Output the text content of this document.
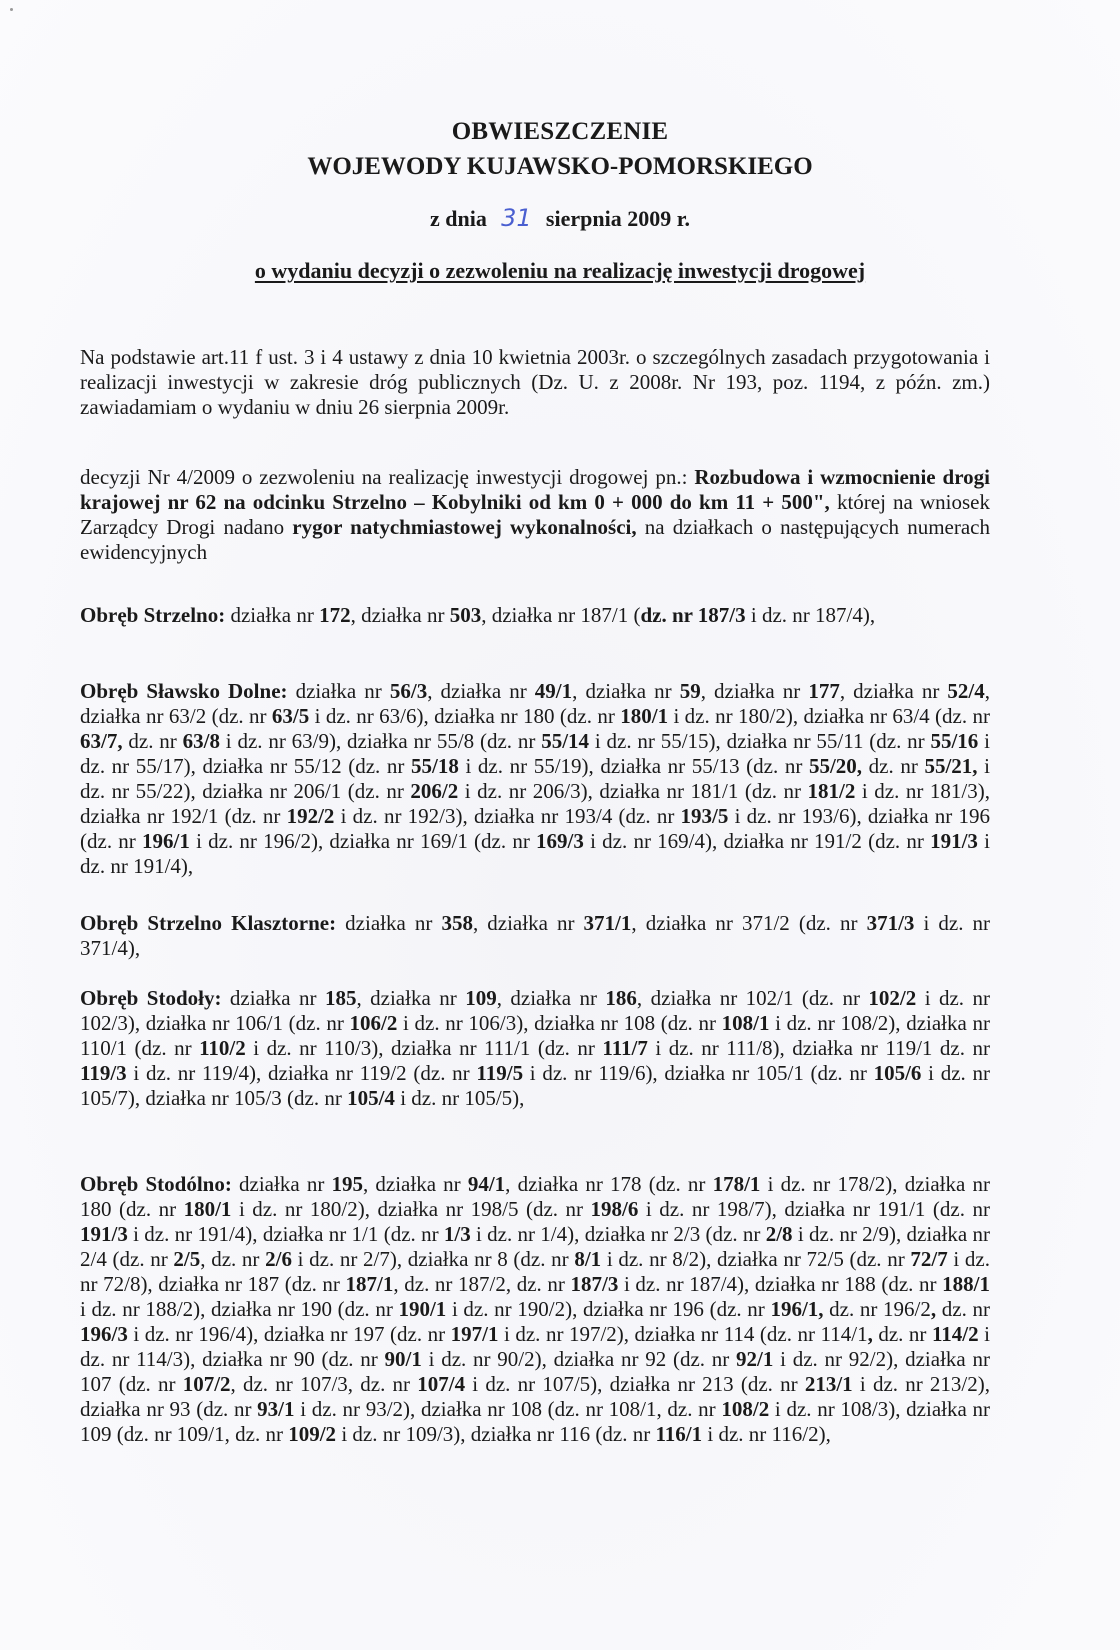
OBWIESZCZENIE
WOJEWODY KUJAWSKO-POMORSKIEGO
z dnia 31 sierpnia 2009 r.
o wydaniu decyzji o zezwoleniu na realizację inwestycji drogowej
Na podstawie art.11 f ust. 3 i 4 ustawy z dnia 10 kwietnia 2003r. o szczególnych zasadach przygotowania i realizacji inwestycji w zakresie dróg publicznych (Dz. U. z 2008r. Nr 193, poz. 1194, z późn. zm.) zawiadamiam o wydaniu w dniu 26 sierpnia 2009r.
decyzji Nr 4/2009 o zezwoleniu na realizację inwestycji drogowej pn.: Rozbudowa i wzmocnienie drogi krajowej nr 62 na odcinku Strzelno – Kobylniki od km 0 + 000 do km 11 + 500", której na wniosek Zarządcy Drogi nadano rygor natychmiastowej wykonalności, na działkach o następujących numerach ewidencyjnych
Obręb Strzelno: działka nr 172, działka nr 503, działka nr 187/1 (dz. nr 187/3 i dz. nr 187/4),
Obręb Sławsko Dolne: działka nr 56/3, działka nr 49/1, działka nr 59, działka nr 177, działka nr 52/4, działka nr 63/2 (dz. nr 63/5 i dz. nr 63/6), działka nr 180 (dz. nr 180/1 i dz. nr 180/2), działka nr 63/4 (dz. nr 63/7, dz. nr 63/8 i dz. nr 63/9), działka nr 55/8 (dz. nr 55/14 i dz. nr 55/15), działka nr 55/11 (dz. nr 55/16 i dz. nr 55/17), działka nr 55/12 (dz. nr 55/18 i dz. nr 55/19), działka nr 55/13 (dz. nr 55/20, dz. nr 55/21, i dz. nr 55/22), działka nr 206/1 (dz. nr 206/2 i dz. nr 206/3), działka nr 181/1 (dz. nr 181/2 i dz. nr 181/3), działka nr 192/1 (dz. nr 192/2 i dz. nr 192/3), działka nr 193/4 (dz. nr 193/5 i dz. nr 193/6), działka nr 196 (dz. nr 196/1 i dz. nr 196/2), działka nr 169/1 (dz. nr 169/3 i dz. nr 169/4), działka nr 191/2 (dz. nr 191/3 i dz. nr 191/4),
Obręb Strzelno Klasztorne: działka nr 358, działka nr 371/1, działka nr 371/2 (dz. nr 371/3 i dz. nr 371/4),
Obręb Stodoły: działka nr 185, działka nr 109, działka nr 186, działka nr 102/1 (dz. nr 102/2 i dz. nr 102/3), działka nr 106/1 (dz. nr 106/2 i dz. nr 106/3), działka nr 108 (dz. nr 108/1 i dz. nr 108/2), działka nr 110/1 (dz. nr 110/2 i dz. nr 110/3), działka nr 111/1 (dz. nr 111/7 i dz. nr 111/8), działka nr 119/1 dz. nr 119/3 i dz. nr 119/4), działka nr 119/2 (dz. nr 119/5 i dz. nr 119/6), działka nr 105/1 (dz. nr 105/6 i dz. nr 105/7), działka nr 105/3 (dz. nr 105/4 i dz. nr 105/5),
Obręb Stodólno: działka nr 195, działka nr 94/1, działka nr 178 (dz. nr 178/1 i dz. nr 178/2), działka nr 180 (dz. nr 180/1 i dz. nr 180/2), działka nr 198/5 (dz. nr 198/6 i dz. nr 198/7), działka nr 191/1 (dz. nr 191/3 i dz. nr 191/4), działka nr 1/1 (dz. nr 1/3 i dz. nr 1/4), działka nr 2/3 (dz. nr 2/8 i dz. nr 2/9), działka nr 2/4 (dz. nr 2/5, dz. nr 2/6 i dz. nr 2/7), działka nr 8 (dz. nr 8/1 i dz. nr 8/2), działka nr 72/5 (dz. nr 72/7 i dz. nr 72/8), działka nr 187 (dz. nr 187/1, dz. nr 187/2, dz. nr 187/3 i dz. nr 187/4), działka nr 188 (dz. nr 188/1 i dz. nr 188/2), działka nr 190 (dz. nr 190/1 i dz. nr 190/2), działka nr 196 (dz. nr 196/1, dz. nr 196/2, dz. nr 196/3 i dz. nr 196/4), działka nr 197 (dz. nr 197/1 i dz. nr 197/2), działka nr 114 (dz. nr 114/1, dz. nr 114/2 i dz. nr 114/3), działka nr 90 (dz. nr 90/1 i dz. nr 90/2), działka nr 92 (dz. nr 92/1 i dz. nr 92/2), działka nr 107 (dz. nr 107/2, dz. nr 107/3, dz. nr 107/4 i dz. nr 107/5), działka nr 213 (dz. nr 213/1 i dz. nr 213/2), działka nr 93 (dz. nr 93/1 i dz. nr 93/2), działka nr 108 (dz. nr 108/1, dz. nr 108/2 i dz. nr 108/3), działka nr 109 (dz. nr 109/1, dz. nr 109/2 i dz. nr 109/3), działka nr 116 (dz. nr 116/1 i dz. nr 116/2),
